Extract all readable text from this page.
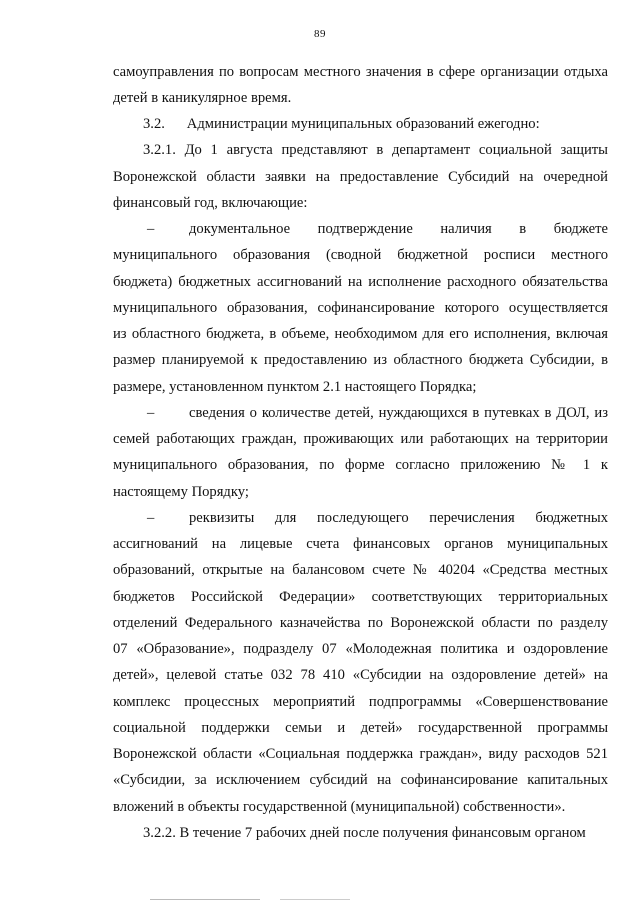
89
самоуправления по вопросам местного значения в сфере организации отдыха
детей в каникулярное время.
3.2.      Администрации муниципальных образований ежегодно:
3.2.1. До 1 августа представляют в департамент социальной защиты
Воронежской области заявки на предоставление Субсидий на очередной
финансовый год, включающие:
– документальное подтверждение наличия в бюджете
муниципального образования (сводной бюджетной росписи местного
бюджета) бюджетных ассигнований на исполнение расходного обязательства
муниципального образования, софинансирование которого осуществляется
из областного бюджета, в объеме, необходимом для его исполнения, включая
размер планируемой к предоставлению из областного бюджета Субсидии, в
размере, установленном пунктом 2.1 настоящего Порядка;
– сведения о количестве детей, нуждающихся в путевках в ДОЛ, из
семей работающих граждан, проживающих или работающих на территории
муниципального образования, по форме согласно приложению № 1 к
настоящему Порядку;
– реквизиты для последующего перечисления бюджетных
ассигнований на лицевые счета финансовых органов муниципальных
образований, открытые на балансовом счете № 40204 «Средства местных
бюджетов Российской Федерации» соответствующих территориальных
отделений Федерального казначейства по Воронежской области по разделу
07 «Образование», подразделу 07 «Молодежная политика и оздоровление
детей», целевой статье 032 78 410 «Субсидии на оздоровление детей» на
комплекс процессных мероприятий подпрограммы «Совершенствование
социальной поддержки семьи и детей» государственной программы
Воронежской области «Социальная поддержка граждан», виду расходов 521
«Субсидии, за исключением субсидий на софинансирование капитальных
вложений в объекты государственной (муниципальной) собственности».
3.2.2. В течение 7 рабочих дней после получения финансовым органом
